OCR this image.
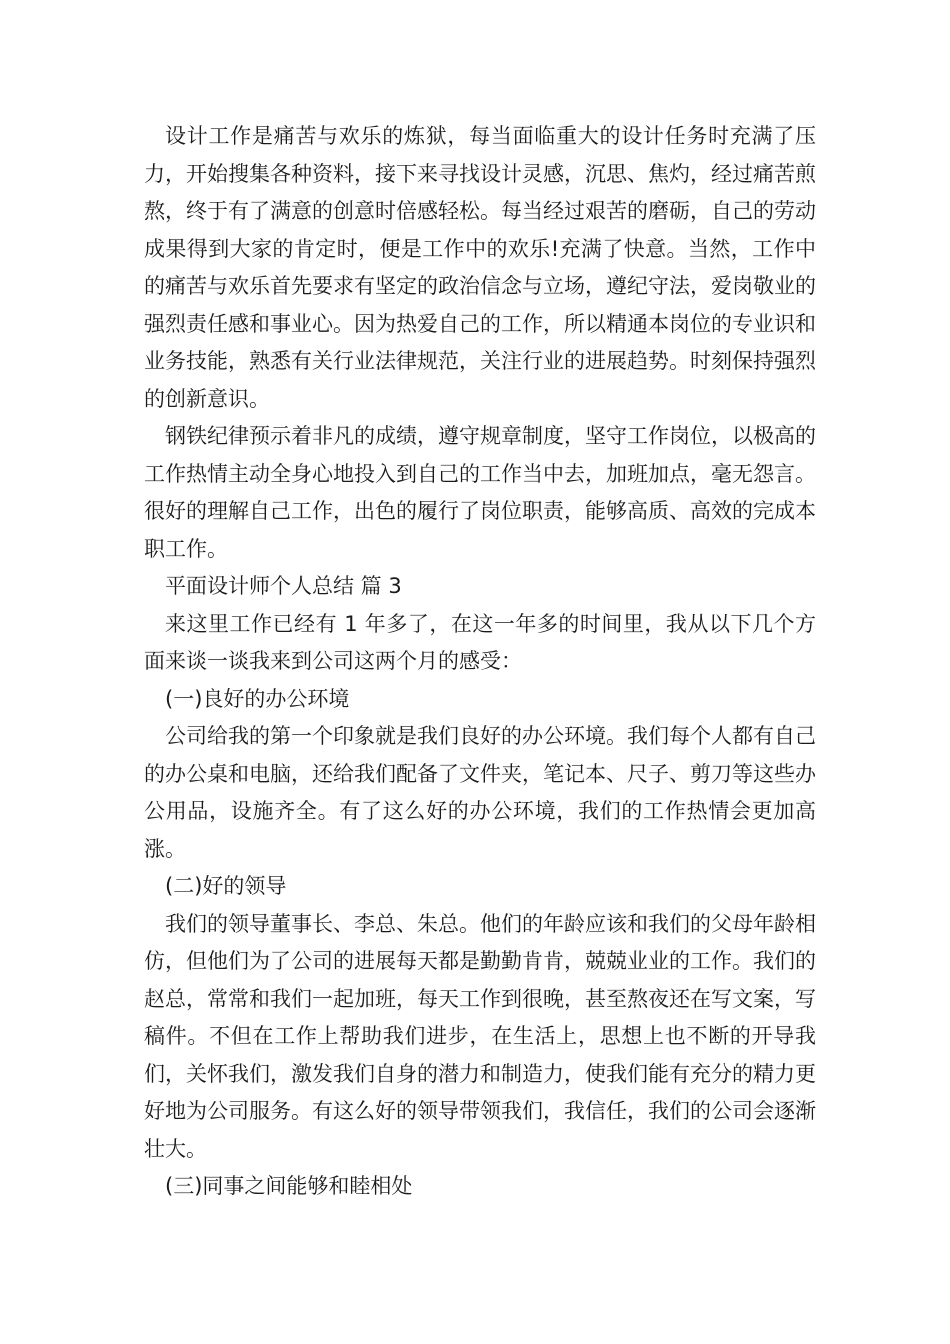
设计工作是痛苦与欢乐的炼狱，每当面临重大的设计任务时充满了压力，开始搜集各种资料，接下来寻找设计灵感，沉思、焦灼，经过痛苦煎熬，终于有了满意的创意时倍感轻松。每当经过艰苦的磨砺，自己的劳动成果得到大家的肯定时，便是工作中的欢乐!充满了快意。当然，工作中的痛苦与欢乐首先要求有坚定的政治信念与立场，遵纪守法，爱岗敬业的强烈责任感和事业心。因为热爱自己的工作，所以精通本岗位的专业识和业务技能，熟悉有关行业法律规范，关注行业的进展趋势。时刻保持强烈的创新意识。

钢铁纪律预示着非凡的成绩，遵守规章制度，坚守工作岗位，以极高的工作热情主动全身心地投入到自己的工作当中去，加班加点，毫无怨言。很好的理解自己工作，出色的履行了岗位职责，能够高质、高效的完成本职工作。

平面设计师个人总结 篇 3

来这里工作已经有 1 年多了，在这一年多的时间里，我从以下几个方面来谈一谈我来到公司这两个月的感受：

(一)良好的办公环境

公司给我的第一个印象就是我们良好的办公环境。我们每个人都有自己的办公桌和电脑，还给我们配备了文件夹，笔记本、尺子、剪刀等这些办公用品，设施齐全。有了这么好的办公环境，我们的工作热情会更加高涨。

(二)好的领导

我们的领导董事长、李总、朱总。他们的年龄应该和我们的父母年龄相仿，但他们为了公司的进展每天都是勤勤肯肯，兢兢业业的工作。我们的赵总，常常和我们一起加班，每天工作到很晚，甚至熬夜还在写文案，写稿件。不但在工作上帮助我们进步，在生活上，思想上也不断的开导我们，关怀我们，激发我们自身的潜力和制造力，使我们能有充分的精力更好地为公司服务。有这么好的领导带领我们，我信任，我们的公司会逐渐壮大。

(三)同事之间能够和睦相处
